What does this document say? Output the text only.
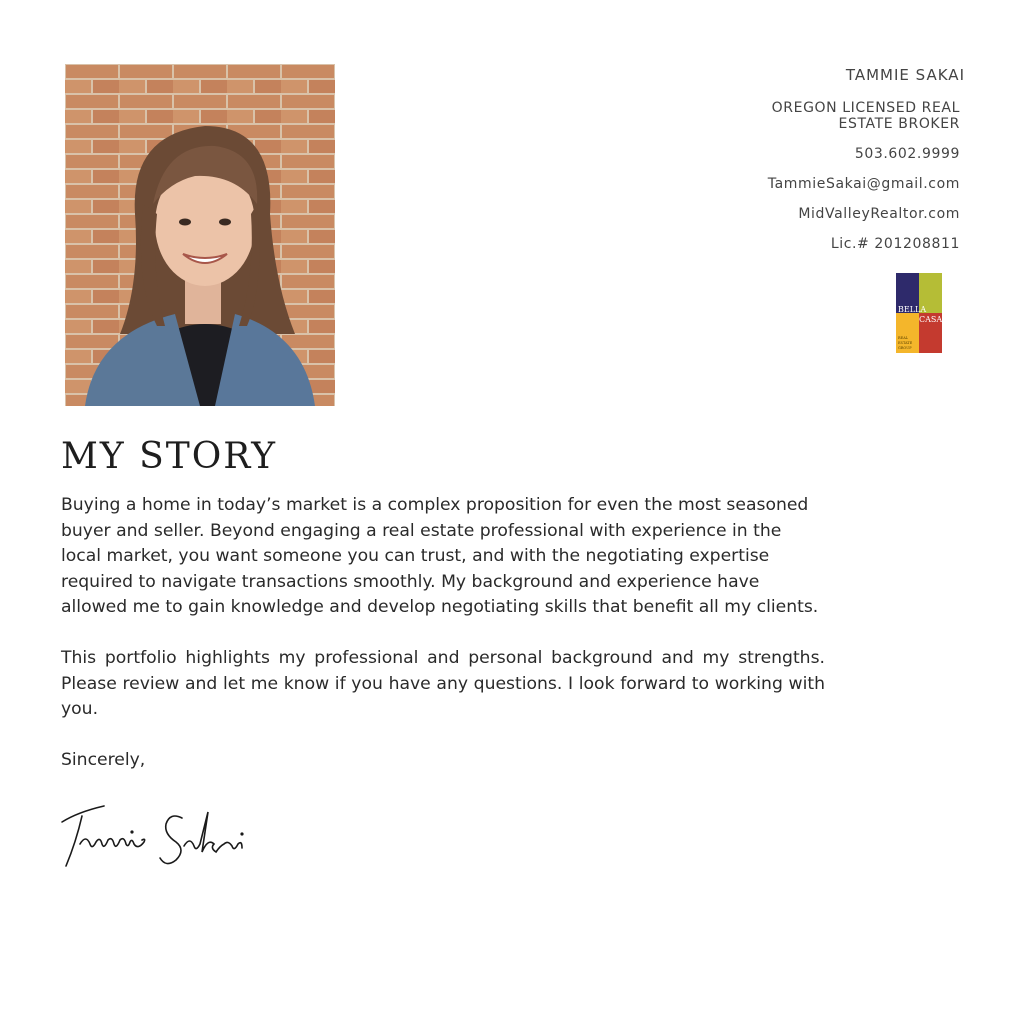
TAMMIE SAKAI
OREGON LICENSED REAL
ESTATE BROKER
503.602.9999
TammieSakai@gmail.com
MidValleyRealtor.com
Lic.# 201208811
BELLA
CASA
REAL
ESTATE
GROUP
MY STORY

Buying a home in today’s market is a complex proposition for even the most seasoned buyer and seller. Beyond engaging a real estate professional with experience in the local market, you want someone you can trust, and with the negotiating expertise required to navigate transactions smoothly. My background and experience have allowed me to gain knowledge and develop negotiating skills that benefit all my clients.

This portfolio highlights my professional and personal background and my strengths. Please review and let me know if you have any questions. I look forward to working with you.

Sincerely,
